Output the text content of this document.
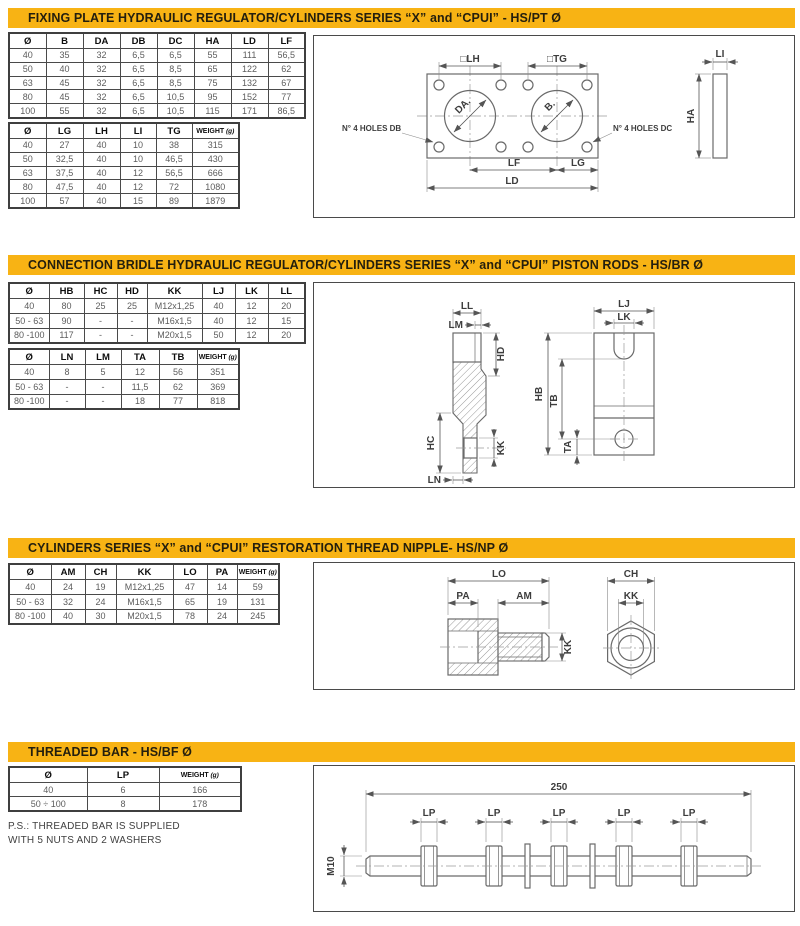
FIXING PLATE HYDRAULIC REGULATOR/CYLINDERS SERIES “X” and “CPUI” - HS/PT Ø
Ø	B	DA	DB	DC	HA	LD	LF
40	35	32	6,5	6,5	55	111	56,5
50	40	32	6,5	8,5	65	122	62
63	45	32	6,5	8,5	75	132	67
80	45	32	6,5	10,5	95	152	77
100	55	32	6,5	10,5	115	171	86,5
Ø	LG	LH	LI	TG	WEIGHT (g)
40	27	40	10	38	315
50	32,5	40	10	46,5	430
63	37,5	40	12	56,5	666
80	47,5	40	12	72	1080
100	57	40	15	89	1879
DA.	B.
□LH	□TG
N° 4 HOLES DB	N° 4 HOLES DC
LF	LG
LD
LI
HA
CONNECTION BRIDLE HYDRAULIC REGULATOR/CYLINDERS SERIES “X” and “CPUI” PISTON RODS - HS/BR Ø
Ø	HB	HC	HD	KK	LJ	LK	LL
40	80	25	25	M12x1,25	40	12	20
50 - 63	90	-	-	M16x1,5	40	12	15
80 -100	117	-	-	M20x1,5	50	12	20
Ø	LN	LM	TA	TB	WEIGHT (g)
40	8	5	12	56	351
50 - 63	-	-	11,5	62	369
80 -100	-	-	18	77	818
LL
LM
HD
HC	KK
LN
LJ
LK
HB TB
TA
CYLINDERS SERIES “X” and “CPUI” RESTORATION THREAD NIPPLE- HS/NP Ø
Ø	AM	CH	KK	LO	PA	WEIGHT (g)
40	24	19	M12x1,25	47	14	59
50 - 63	32	24	M16x1,5	65	19	131
80 -100	40	30	M20x1,5	78	24	245
LO
PA	AM
KK
CH
KK
THREADED BAR - HS/BF Ø
Ø	LP	WEIGHT (g)
40	6	166
50 ÷ 100	8	178
P.S.: THREADED BAR IS SUPPLIED
WITH 5 NUTS AND 2 WASHERS
250
LP	LP	LP	LP	LP
M10
